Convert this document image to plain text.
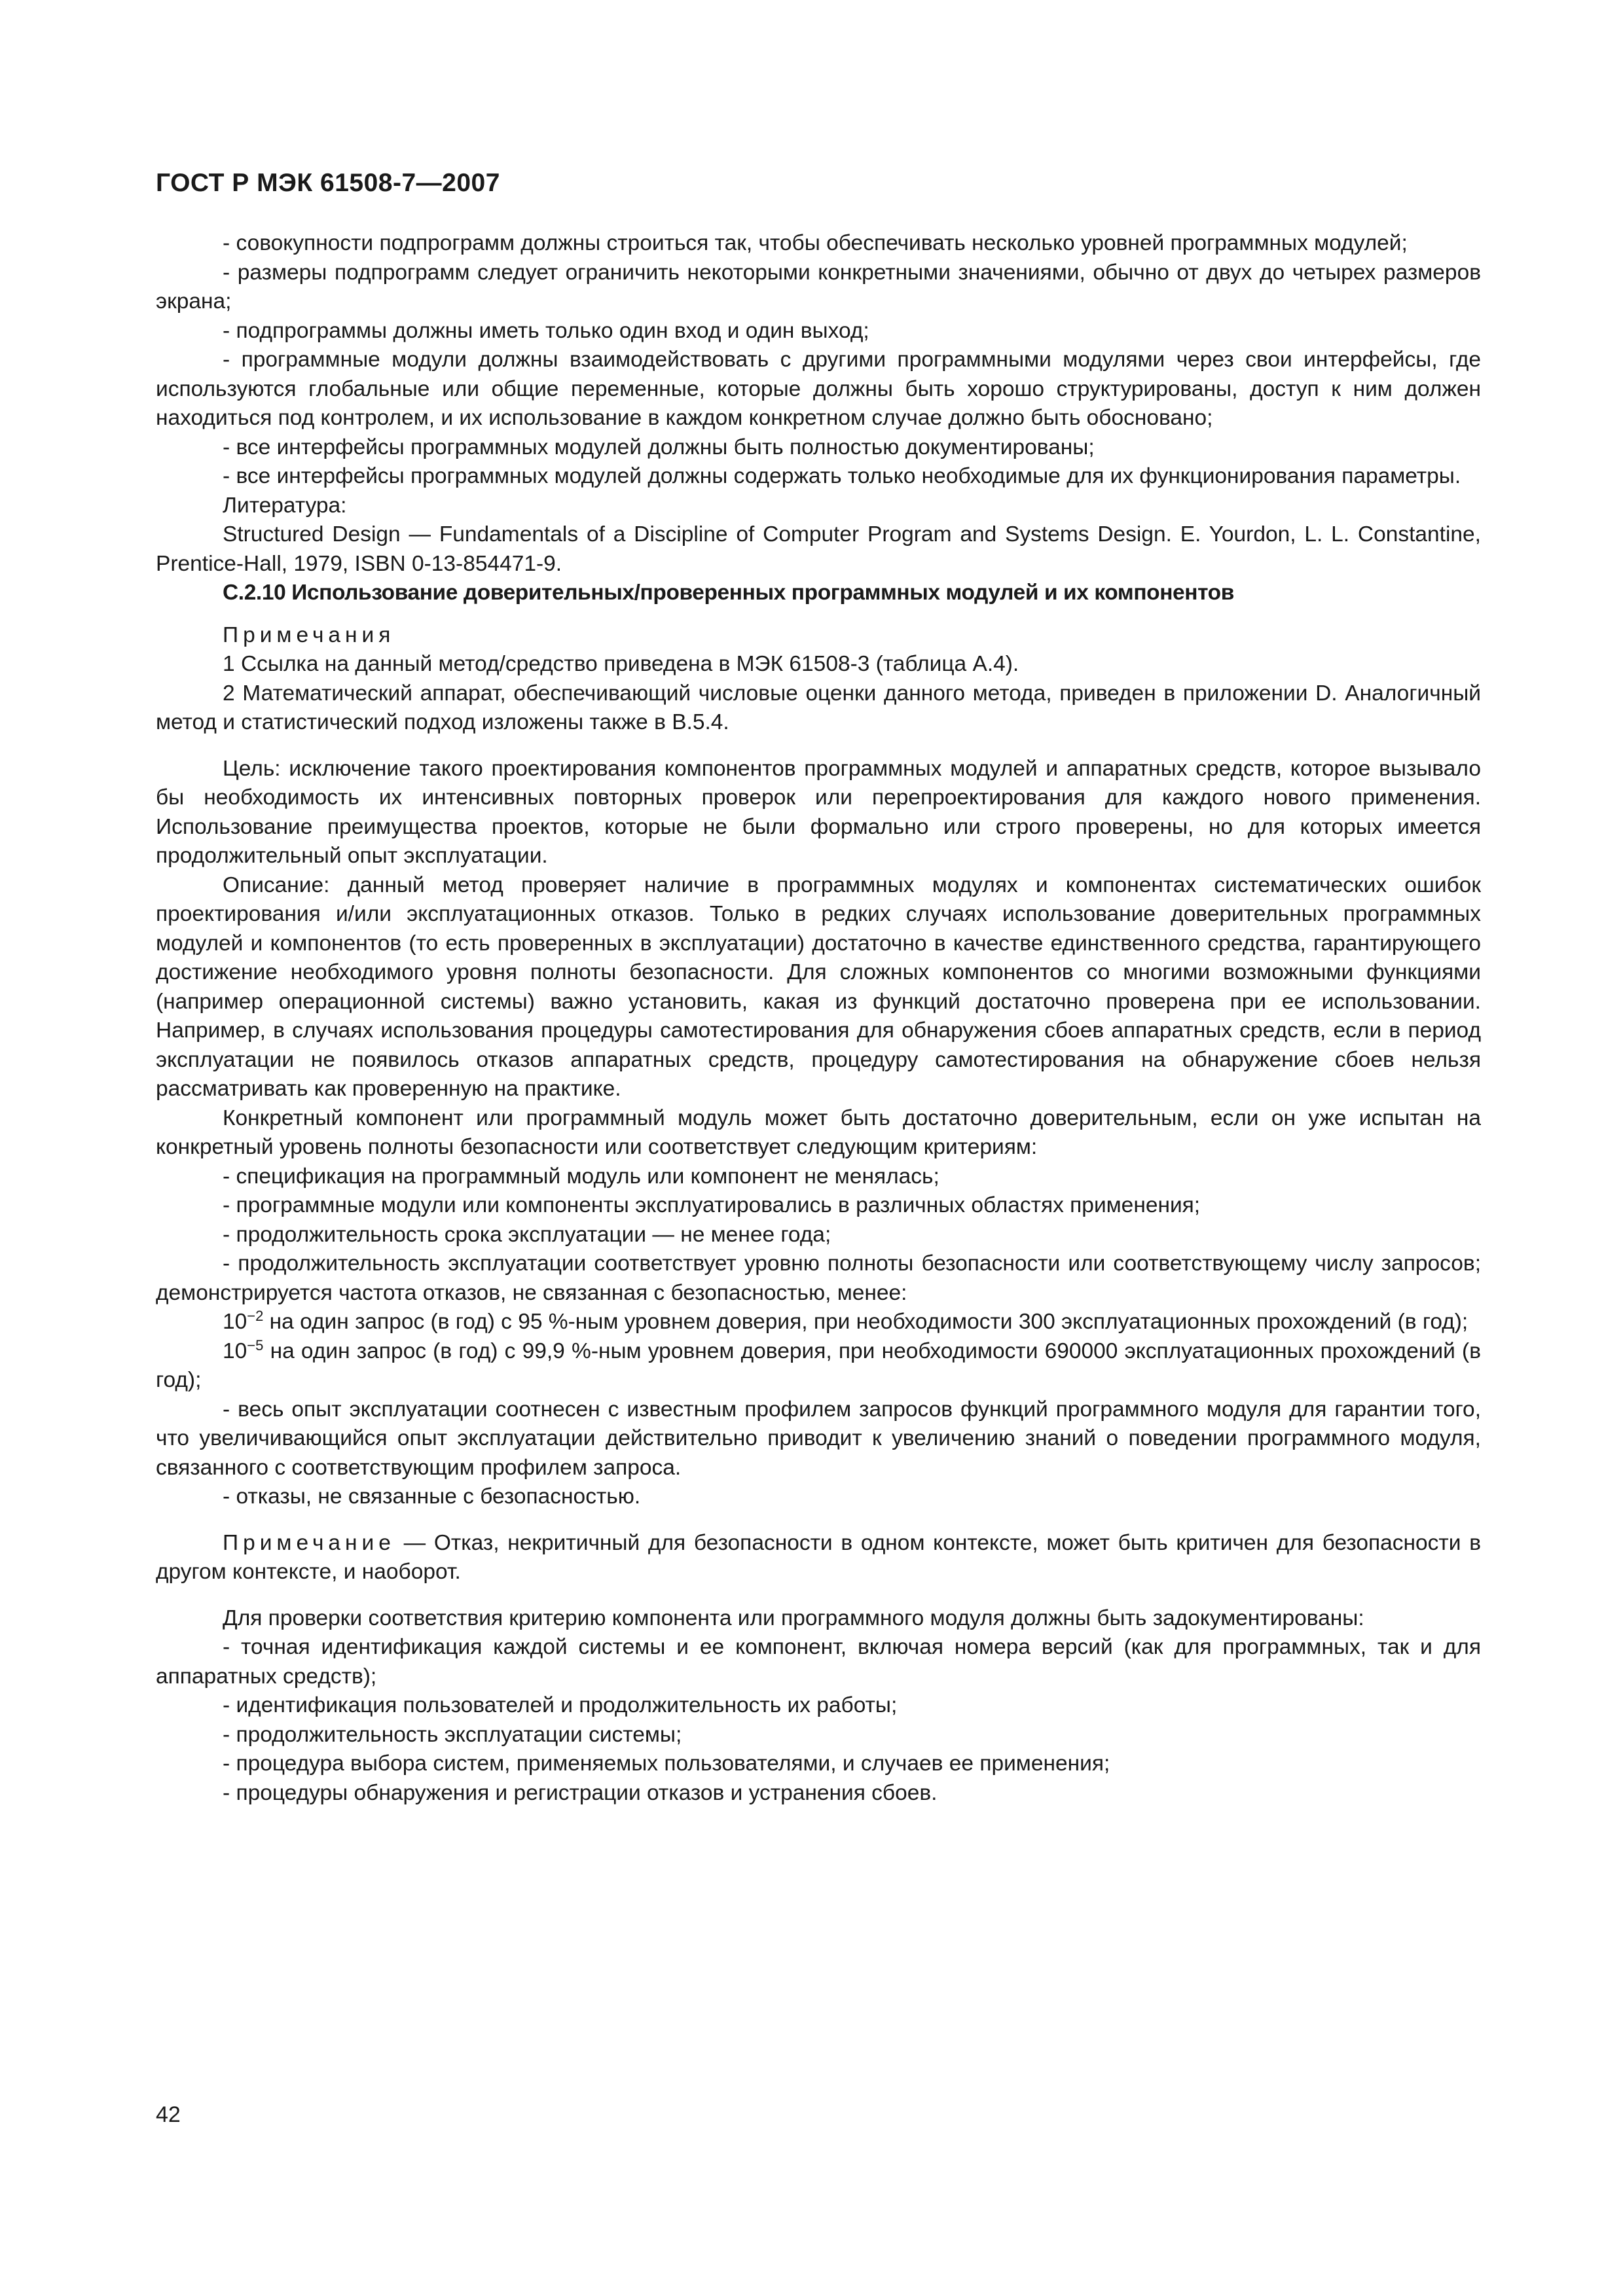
ГОСТ Р МЭК 61508-7—2007

- совокупности подпрограмм должны строиться так, чтобы обеспечивать несколько уровней программных модулей;

- размеры подпрограмм следует ограничить некоторыми конкретными значениями, обычно от двух до четырех размеров экрана;

- подпрограммы должны иметь только один вход и один выход;

- программные модули должны взаимодействовать с другими программными модулями через свои интерфейсы, где используются глобальные или общие переменные, которые должны быть хорошо структурированы, доступ к ним должен находиться под контролем, и их использование в каждом конкретном случае должно быть обосновано;

- все интерфейсы программных модулей должны быть полностью документированы;

- все интерфейсы программных модулей должны содержать только необходимые для их функционирования параметры.

Литература:

Structured Design — Fundamentals of a Discipline of Computer Program and Systems Design. E. Yourdon, L. L. Constantine, Prentice-Hall, 1979, ISBN 0-13-854471-9.

С.2.10 Использование доверительных/проверенных программных модулей и их компонентов

Примечания

1 Ссылка на данный метод/средство приведена в МЭК 61508-3 (таблица А.4).

2 Математический аппарат, обеспечивающий числовые оценки данного метода, приведен в приложении D. Аналогичный метод и статистический подход изложены также в В.5.4.

Цель: исключение такого проектирования компонентов программных модулей и аппаратных средств, которое вызывало бы необходимость их интенсивных повторных проверок или перепроектирования для каждого нового применения. Использование преимущества проектов, которые не были формально или строго проверены, но для которых имеется продолжительный опыт эксплуатации.

Описание: данный метод проверяет наличие в программных модулях и компонентах систематических ошибок проектирования и/или эксплуатационных отказов. Только в редких случаях использование доверительных программных модулей и компонентов (то есть проверенных в эксплуатации) достаточно в качестве единственного средства, гарантирующего достижение необходимого уровня полноты безопасности. Для сложных компонентов со многими возможными функциями (например операционной системы) важно установить, какая из функций достаточно проверена при ее использовании. Например, в случаях использования процедуры самотестирования для обнаружения сбоев аппаратных средств, если в период эксплуатации не появилось отказов аппаратных средств, процедуру самотестирования на обнаружение сбоев нельзя рассматривать как проверенную на практике.

Конкретный компонент или программный модуль может быть достаточно доверительным, если он уже испытан на конкретный уровень полноты безопасности или соответствует следующим критериям:

- спецификация на программный модуль или компонент не менялась;

- программные модули или компоненты эксплуатировались в различных областях применения;

- продолжительность срока эксплуатации — не менее года;

- продолжительность эксплуатации соответствует уровню полноты безопасности или соответствующему числу запросов; демонстрируется частота отказов, не связанная с безопасностью, менее:

$10^{-2}$ на один запрос (в год) с 95 %-ным уровнем доверия, при необходимости 300 эксплуатационных прохождений (в год);

$10^{-5}$ на один запрос (в год) с 99,9 %-ным уровнем доверия, при необходимости 690000 эксплуатационных прохождений (в год);

- весь опыт эксплуатации соотнесен с известным профилем запросов функций программного модуля для гарантии того, что увеличивающийся опыт эксплуатации действительно приводит к увеличению знаний о поведении программного модуля, связанного с соответствующим профилем запроса.

- отказы, не связанные с безопасностью.

Примечание — Отказ, некритичный для безопасности в одном контексте, может быть критичен для безопасности в другом контексте, и наоборот.

Для проверки соответствия критерию компонента или программного модуля должны быть задокументированы:

- точная идентификация каждой системы и ее компонент, включая номера версий (как для программных, так и для аппаратных средств);

- идентификация пользователей и продолжительность их работы;

- продолжительность эксплуатации системы;

- процедура выбора систем, применяемых пользователями, и случаев ее применения;

- процедуры обнаружения и регистрации отказов и устранения сбоев.

42
